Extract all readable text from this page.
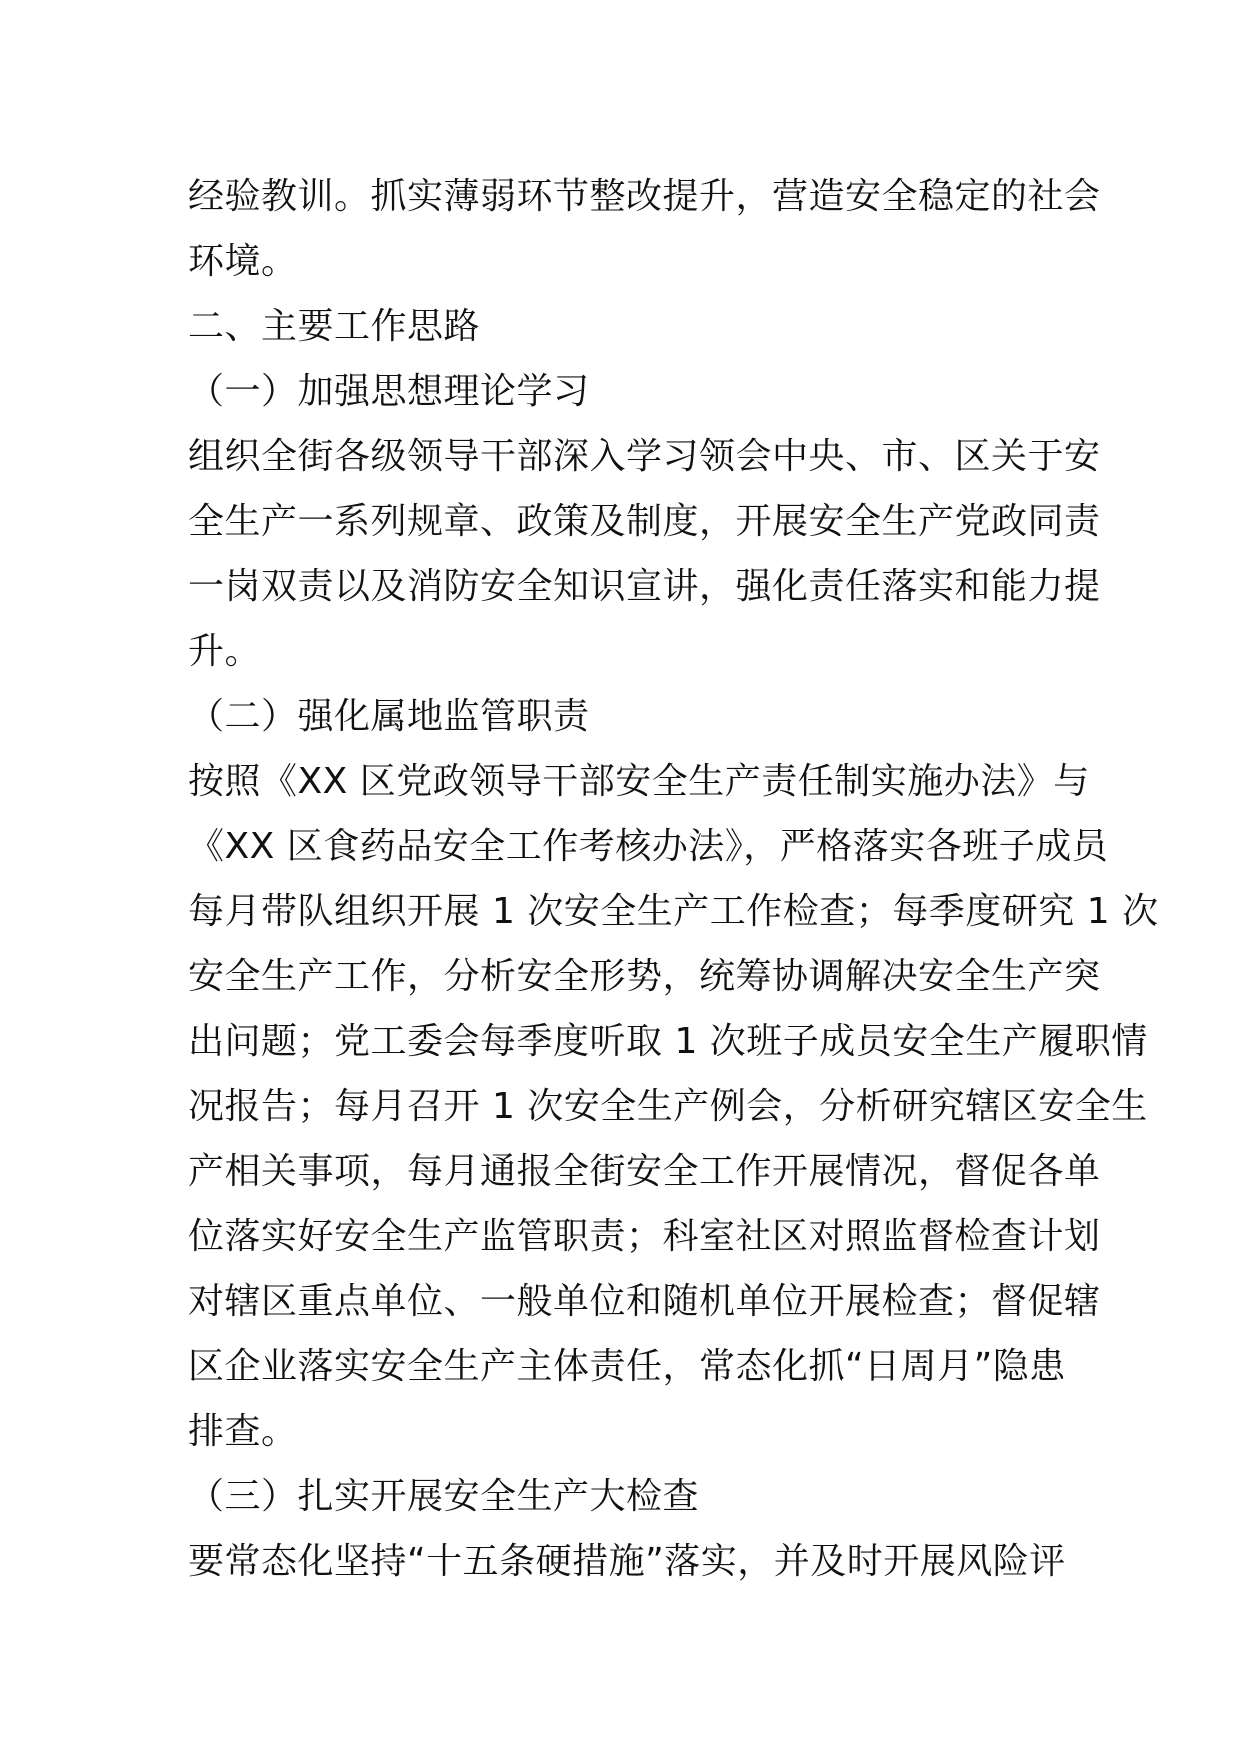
经验教训。抓实薄弱环节整改提升，营造安全稳定的社会
环境。
二、主要工作思路
（一）加强思想理论学习
组织全街各级领导干部深入学习领会中央、市、区关于安
全生产一系列规章、政策及制度，开展安全生产党政同责
一岗双责以及消防安全知识宣讲，强化责任落实和能力提
升。
（二）强化属地监管职责
按照《XX 区党政领导干部安全生产责任制实施办法》与
《XX 区食药品安全工作考核办法》，严格落实各班子成员
每月带队组织开展 1 次安全生产工作检查；每季度研究 1 次
安全生产工作，分析安全形势，统筹协调解决安全生产突
出问题；党工委会每季度听取 1 次班子成员安全生产履职情
况报告；每月召开 1 次安全生产例会，分析研究辖区安全生
产相关事项，每月通报全街安全工作开展情况，督促各单
位落实好安全生产监管职责；科室社区对照监督检查计划
对辖区重点单位、一般单位和随机单位开展检查；督促辖
区企业落实安全生产主体责任，常态化抓“日周月”隐患
排查。
（三）扎实开展安全生产大检查
要常态化坚持“十五条硬措施”落实，并及时开展风险评
